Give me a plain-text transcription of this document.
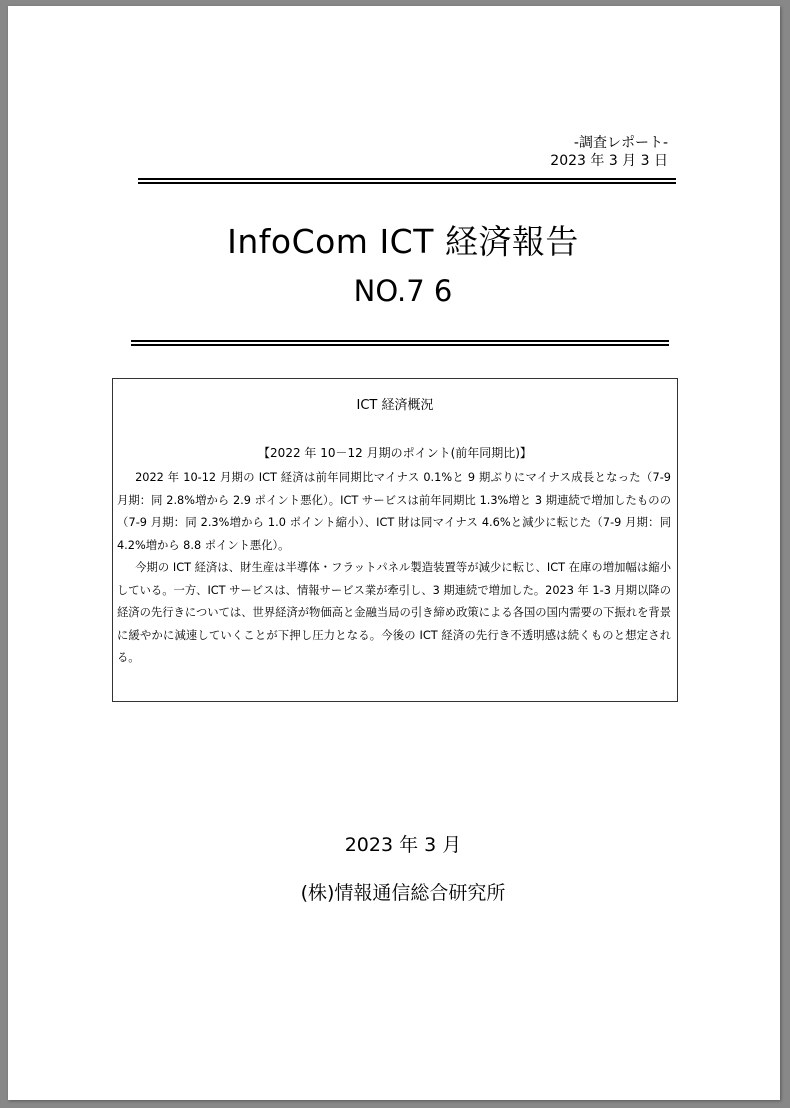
-調査レポート-
2023 年 3 月 3 日
InfoCom ICT 経済報告
NO.7 6
ICT 経済概況
【2022 年 10－12 月期のポイント(前年同期比)】

2022 年 10-12 月期の ICT 経済は前年同期比マイナス 0.1%と 9 期ぶりにマイナス成長となった（7-9 月期：同 2.8%増から 2.9 ポイント悪化）。ICT サービスは前年同期比 1.3%増と 3 期連続で増加したものの（7-9 月期：同 2.3%増から 1.0 ポイント縮小）、ICT 財は同マイナス 4.6%と減少に転じた（7-9 月期：同 4.2%増から 8.8 ポイント悪化）。

今期の ICT 経済は、財生産は半導体・フラットパネル製造装置等が減少に転じ、ICT 在庫の増加幅は縮小している。一方、ICT サービスは、情報サービス業が牽引し、3 期連続で増加した。2023 年 1-3 月期以降の経済の先行きについては、世界経済が物価高と金融当局の引き締め政策による各国の国内需要の下振れを背景に緩やかに減速していくことが下押し圧力となる。今後の ICT 経済の先行き不透明感は続くものと想定される。

2023 年 3 月
(株)情報通信総合研究所
